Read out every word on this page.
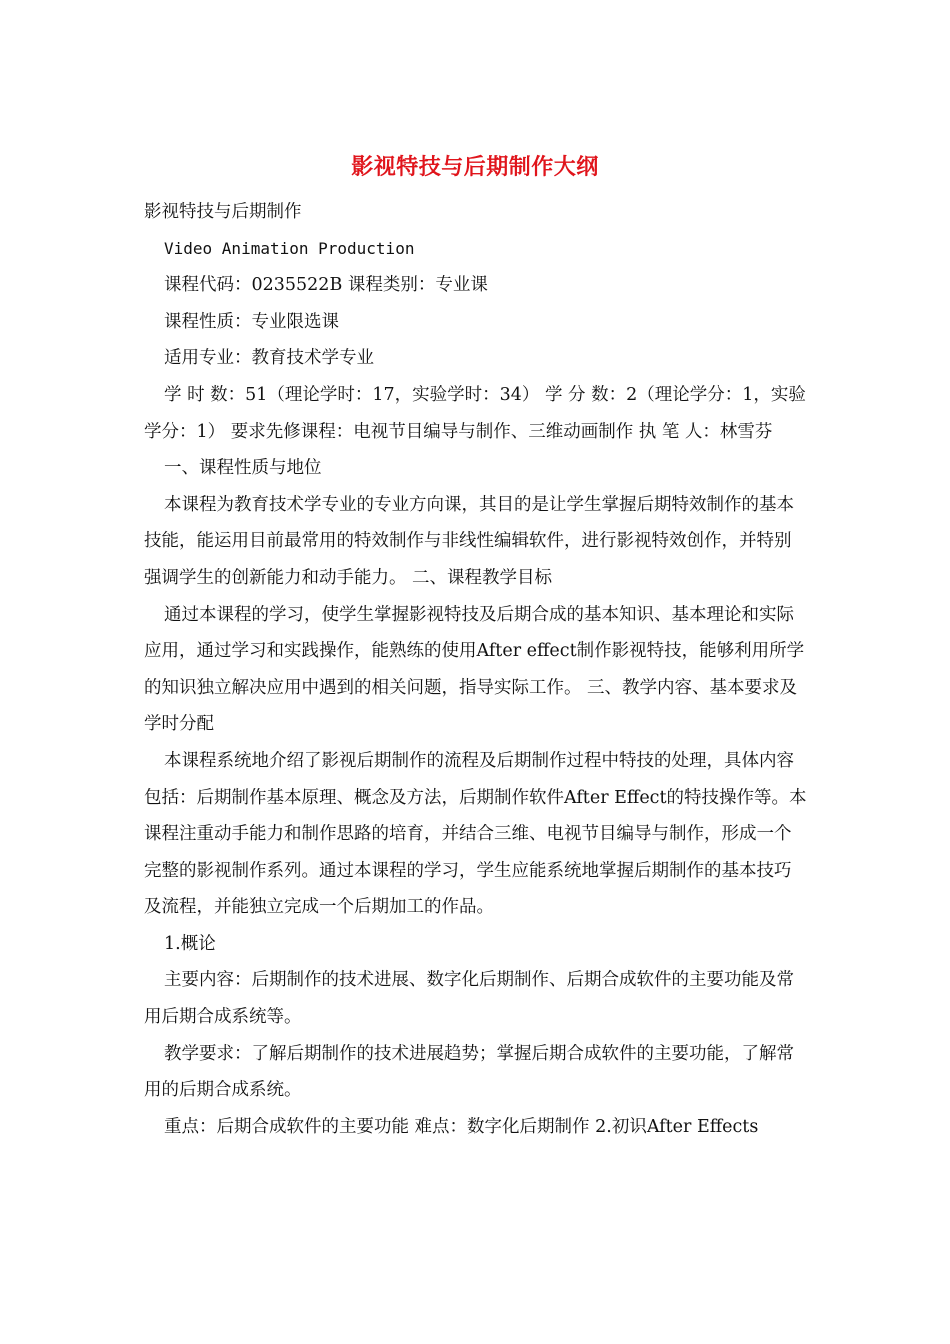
影视特技与后期制作大纲

影视特技与后期制作

Video Animation Production

课程代码：0235522B 课程类别：专业课

课程性质：专业限选课

适用专业：教育技术学专业

学 时 数：51（理论学时：17，实验学时：34） 学 分 数：2（理论学分：1，实验学分：1） 要求先修课程：电视节目编导与制作、三维动画制作 执 笔 人：林雪芬

一、课程性质与地位

本课程为教育技术学专业的专业方向课，其目的是让学生掌握后期特效制作的基本技能，能运用目前最常用的特效制作与非线性编辑软件，进行影视特效创作，并特别强调学生的创新能力和动手能力。 二、课程教学目标

通过本课程的学习，使学生掌握影视特技及后期合成的基本知识、基本理论和实际应用，通过学习和实践操作，能熟练的使用After effect制作影视特技，能够利用所学的知识独立解决应用中遇到的相关问题，指导实际工作。 三、教学内容、基本要求及学时分配

本课程系统地介绍了影视后期制作的流程及后期制作过程中特技的处理，具体内容包括：后期制作基本原理、概念及方法，后期制作软件After Effect的特技操作等。本课程注重动手能力和制作思路的培育，并结合三维、电视节目编导与制作，形成一个完整的影视制作系列。通过本课程的学习，学生应能系统地掌握后期制作的基本技巧及流程，并能独立完成一个后期加工的作品。

1.概论

主要内容：后期制作的技术进展、数字化后期制作、后期合成软件的主要功能及常用后期合成系统等。

教学要求：了解后期制作的技术进展趋势；掌握后期合成软件的主要功能，了解常用的后期合成系统。

重点：后期合成软件的主要功能 难点：数字化后期制作 2.初识After Effects
